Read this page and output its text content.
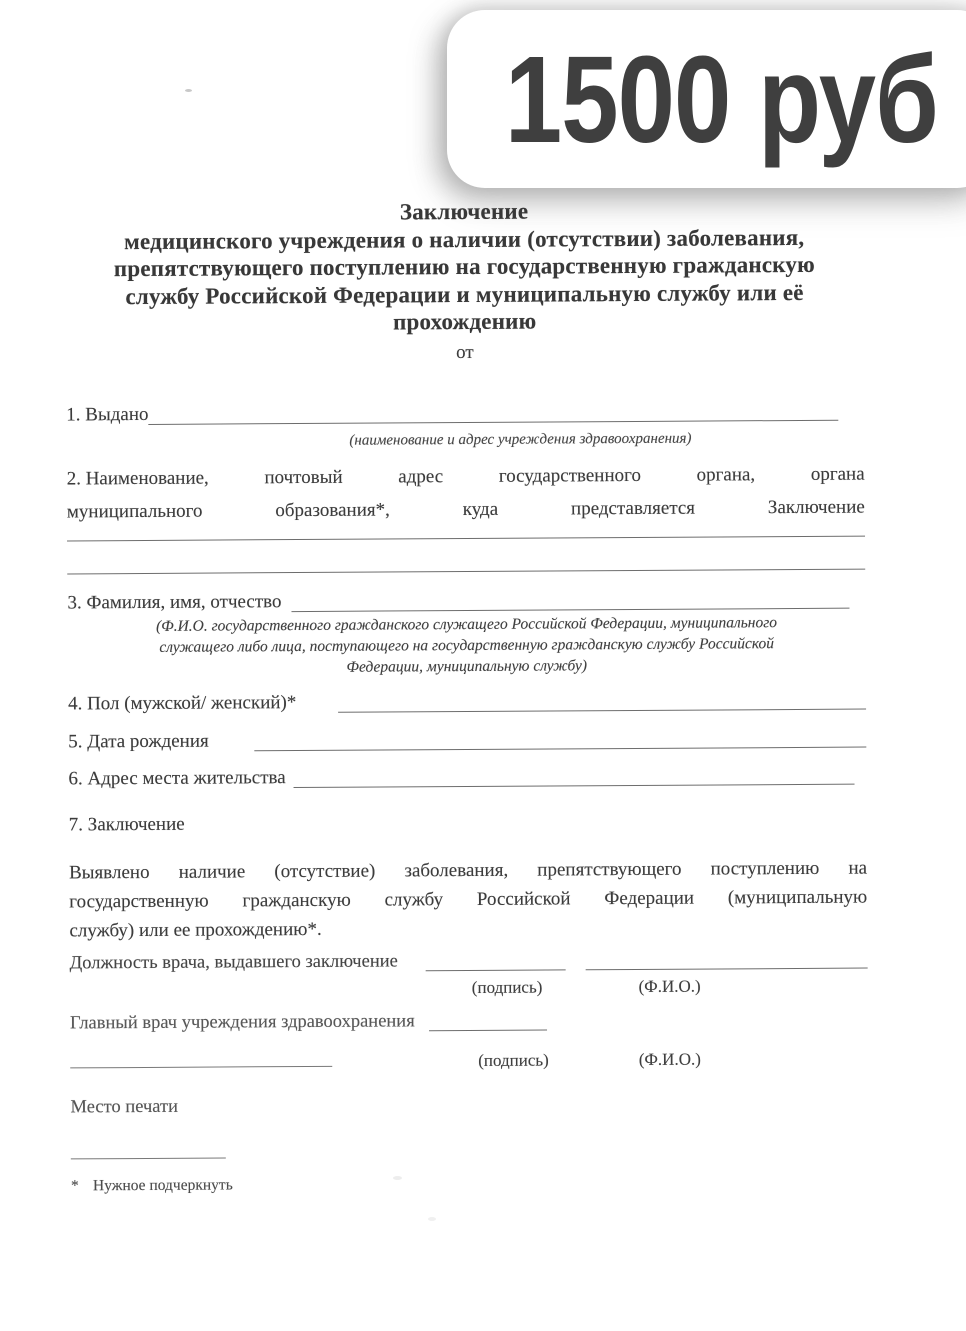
1500 руб
Заключение
медицинского учреждения о наличии (отсутствии) заболевания,
препятствующего поступлению на государственную гражданскую
службу Российской Федерации и муниципальную службу или её
прохождению
от
1. Выдано
(наименование и адрес учреждения здравоохранения)
2. Наименование,	почтовый	адрес	государственного	органа,	органа
муниципального	образования*,	куда	представляется	Заключение
3. Фамилия, имя, отчество
(Ф.И.О. государственного гражданского служащего Российской Федерации, муниципального
служащего либо лица, поступающего на государственную гражданскую службу Российской
Федерации, муниципальную службу)
4. Пол (мужской/ женский)*
5. Дата рождения
6. Адрес места жительства
7. Заключение
Выявлено наличие (отсутствие) заболевания, препятствующего поступлению на
государственную гражданскую службу Российской Федерации (муниципальную
службу) или ее прохождению*.
Должность врача, выдавшего заключение
(подпись)	(Ф.И.О.)
Главный врач учреждения здравоохранения
(подпись)	(Ф.И.О.)
Место печати
* Нужное подчеркнуть
